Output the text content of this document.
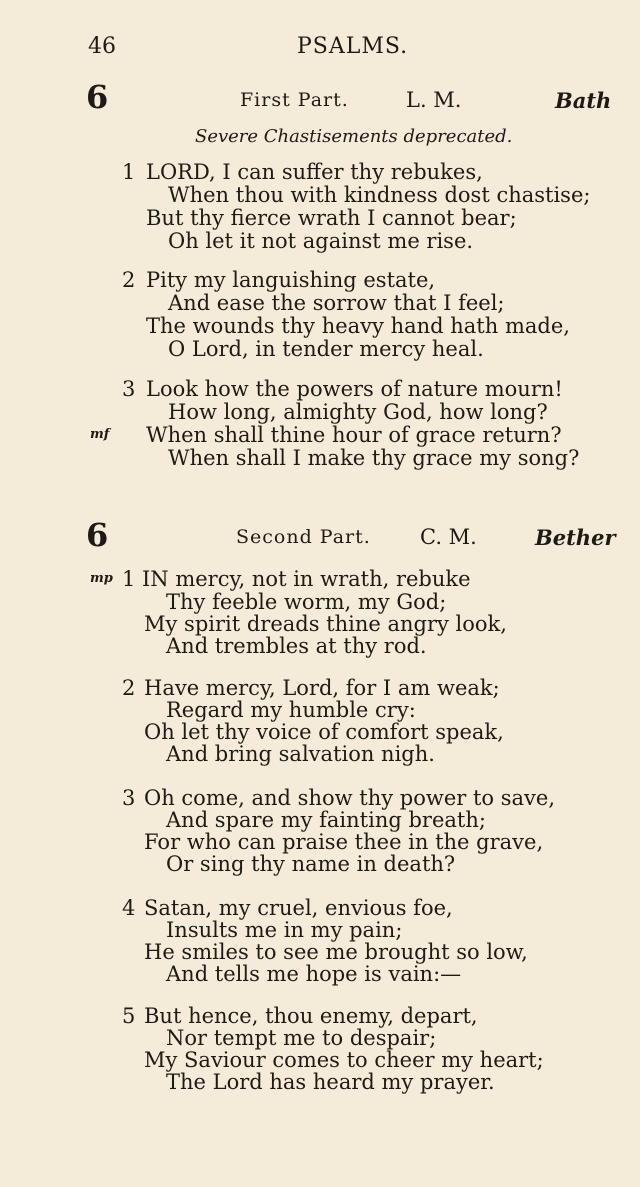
46	PSALMS.
6	First Part.	L. M.	Bath
Severe Chastisements deprecated.
1 LORD, I can suffer thy rebukes,
When thou with kindness dost chastise;
But thy fierce wrath I cannot bear;
Oh let it not against me rise.
2 Pity my languishing estate,
And ease the sorrow that I feel;
The wounds thy heavy hand hath made,
O Lord, in tender mercy heal.
3 Look how the powers of nature mourn!
How long, almighty God, how long?
mf When shall thine hour of grace return?
When shall I make thy grace my song?
6	Second Part. C. M.	Bether
mp 1 IN mercy, not in wrath, rebuke
Thy feeble worm, my God;
My spirit dreads thine angry look,
And trembles at thy rod.
2 Have mercy, Lord, for I am weak;
Regard my humble cry:
Oh let thy voice of comfort speak,
And bring salvation nigh.
3 Oh come, and show thy power to save,
And spare my fainting breath;
For who can praise thee in the grave,
Or sing thy name in death?
4 Satan, my cruel, envious foe,
Insults me in my pain;
He smiles to see me brought so low,
And tells me hope is vain:—
5 But hence, thou enemy, depart,
Nor tempt me to despair;
My Saviour comes to cheer my heart;
The Lord has heard my prayer.
